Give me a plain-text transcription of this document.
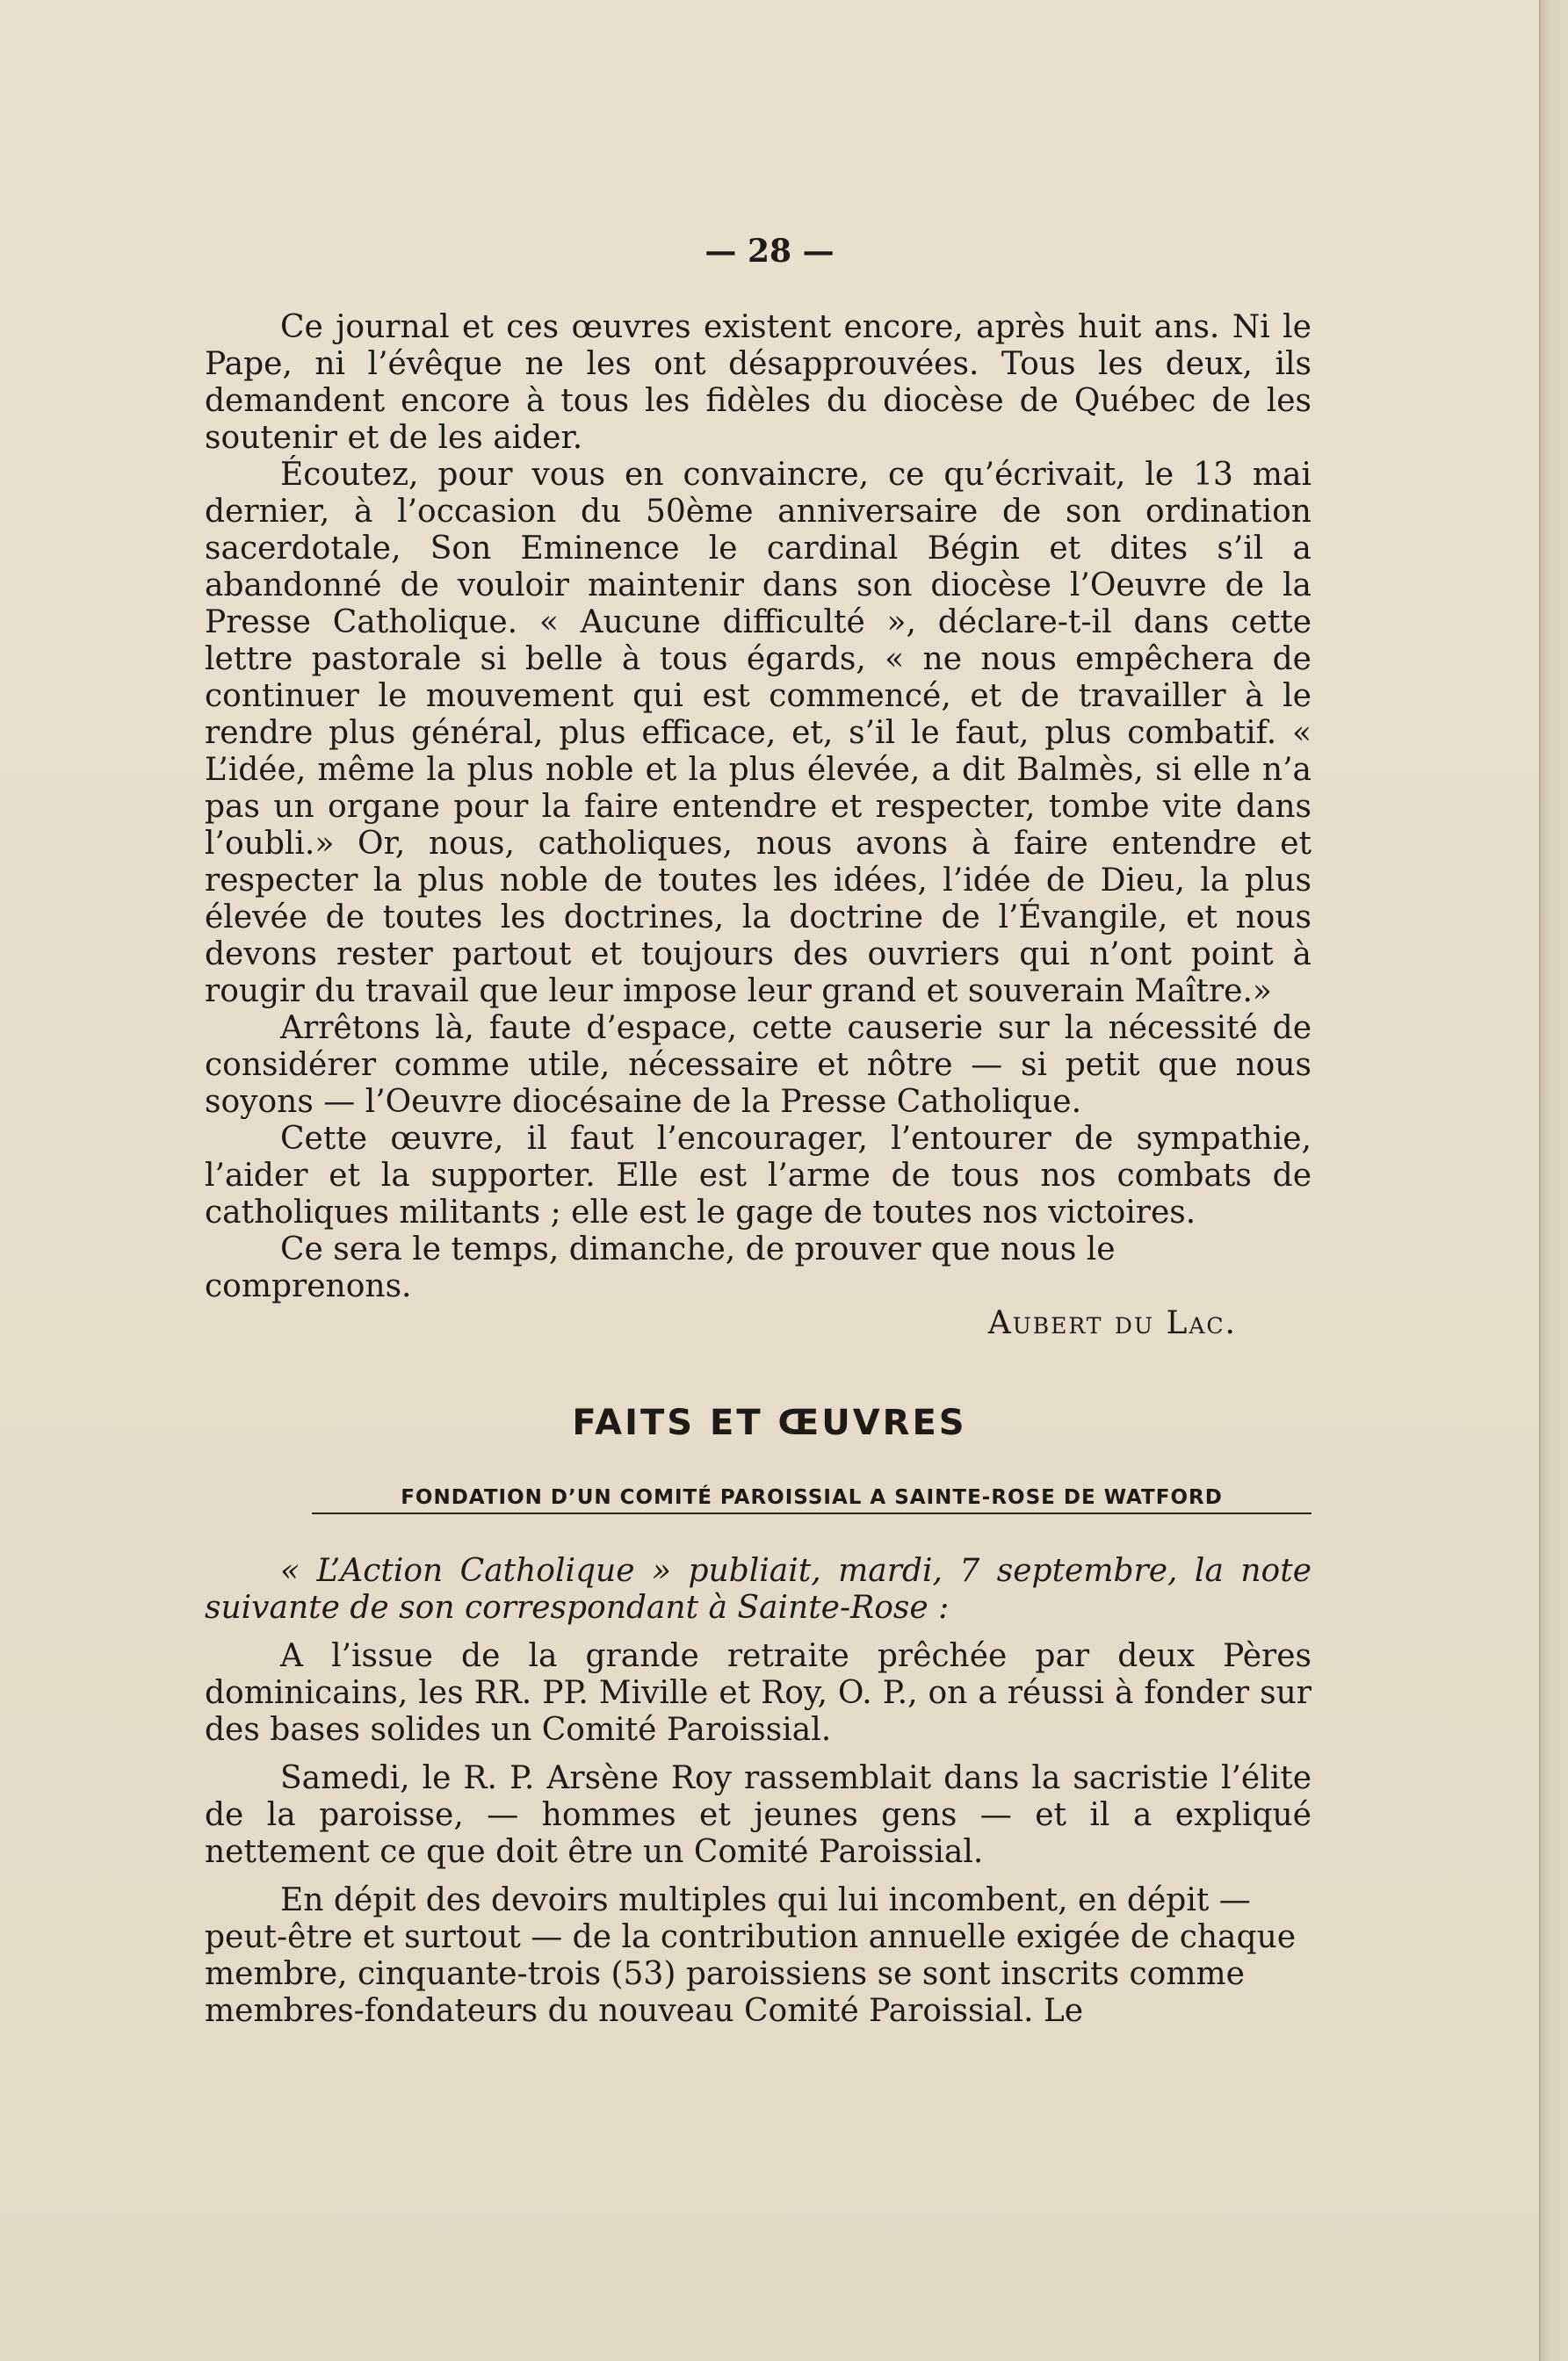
— 28 —

Ce journal et ces œuvres existent encore, après huit ans. Ni le Pape, ni l’évêque ne les ont désapprouvées. Tous les deux, ils demandent encore à tous les fidèles du diocèse de Québec de les soutenir et de les aider.

Écoutez, pour vous en convaincre, ce qu’écrivait, le 13 mai dernier, à l’occasion du 50ème anniversaire de son ordination sacerdotale, Son Eminence le cardinal Bégin et dites s’il a abandonné de vouloir maintenir dans son diocèse l’Oeuvre de la Presse Catholique. « Aucune difficulté », déclare-t-il dans cette lettre pastorale si belle à tous égards, « ne nous empêchera de continuer le mouvement qui est commencé, et de travailler à le rendre plus général, plus efficace, et, s’il le faut, plus combatif. « L’idée, même la plus noble et la plus élevée, a dit Balmès, si elle n’a pas un organe pour la faire entendre et respecter, tombe vite dans l’oubli.» Or, nous, catholiques, nous avons à faire entendre et respecter la plus noble de toutes les idées, l’idée de Dieu, la plus élevée de toutes les doctrines, la doctrine de l’Évangile, et nous devons rester partout et toujours des ouvriers qui n’ont point à rougir du travail que leur impose leur grand et souverain Maître.»

Arrêtons là, faute d’espace, cette causerie sur la nécessité de considérer comme utile, nécessaire et nôtre — si petit que nous soyons — l’Oeuvre diocésaine de la Presse Catholique.

Cette œuvre, il faut l’encourager, l’entourer de sympathie, l’aider et la supporter. Elle est l’arme de tous nos combats de catholiques militants ; elle est le gage de toutes nos victoires.

Ce sera le temps, dimanche, de prouver que nous le comprenons.

Aubert du Lac.
FAITS ET ŒUVRES
FONDATION D’UN COMITÉ PAROISSIAL A SAINTE-ROSE DE WATFORD

« L’Action Catholique » publiait, mardi, 7 septembre, la note suivante de son correspondant à Sainte-Rose :

A l’issue de la grande retraite prêchée par deux Pères dominicains, les RR. PP. Miville et Roy, O. P., on a réussi à fonder sur des bases solides un Comité Paroissial.

Samedi, le R. P. Arsène Roy rassemblait dans la sacristie l’élite de la paroisse, — hommes et jeunes gens — et il a expliqué nettement ce que doit être un Comité Paroissial.

En dépit des devoirs multiples qui lui incombent, en dépit — peut-être et surtout — de la contribution annuelle exigée de chaque membre, cinquante-trois (53) paroissiens se sont inscrits comme membres-fondateurs du nouveau Comité Paroissial. Le
